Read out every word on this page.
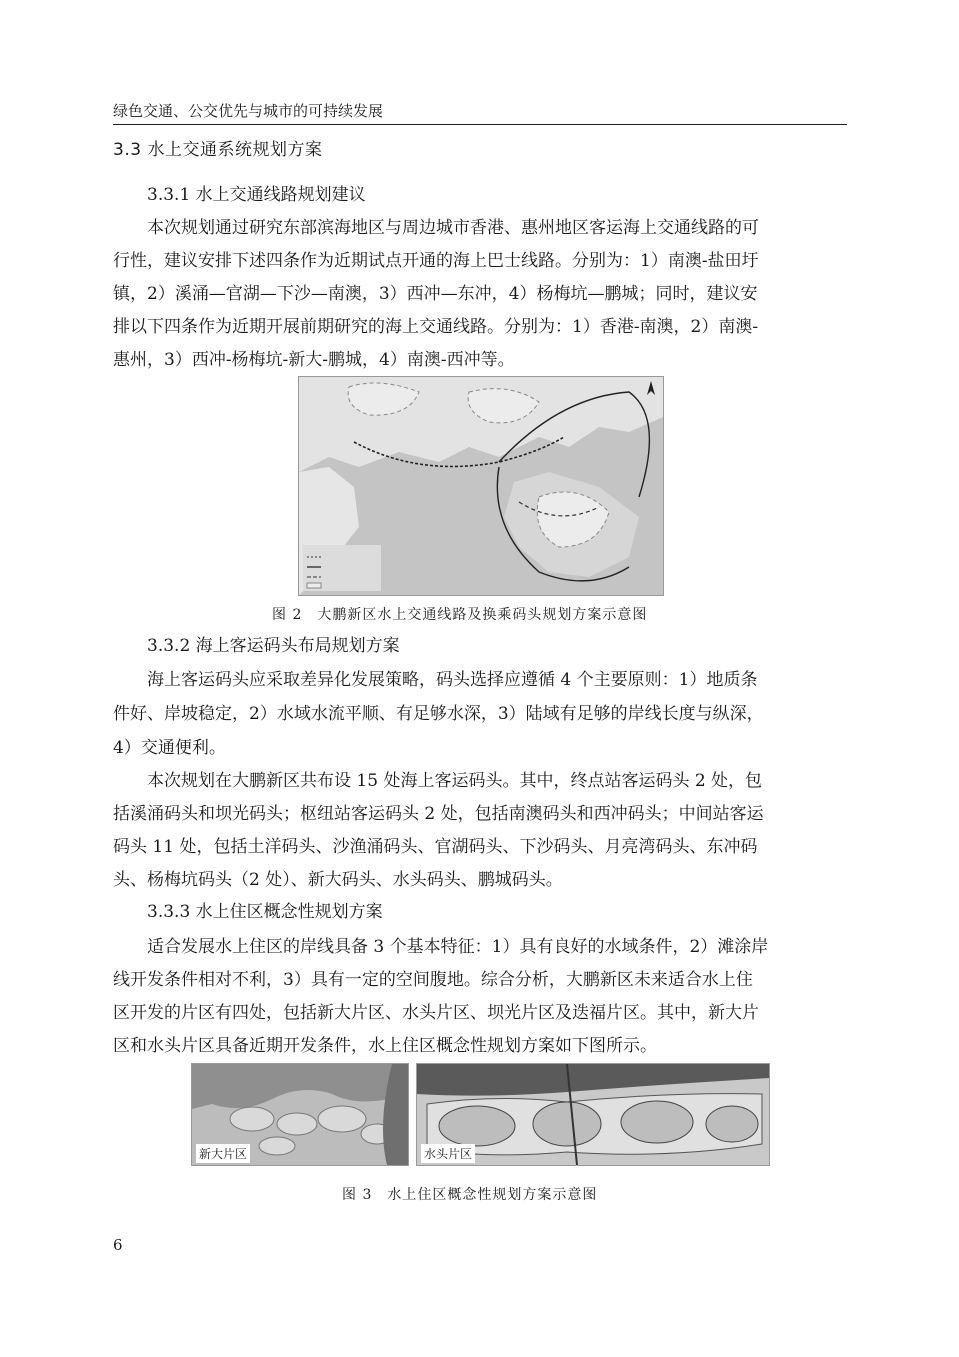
绿色交通、公交优先与城市的可持续发展
3.3 水上交通系统规划方案
3.3.1 水上交通线路规划建议
本次规划通过研究东部滨海地区与周边城市香港、惠州地区客运海上交通线路的可
行性，建议安排下述四条作为近期试点开通的海上巴士线路。分别为：1）南澳-盐田圩
镇，2）溪涌—官湖—下沙—南澳，3）西冲—东冲，4）杨梅坑—鹏城；同时，建议安
排以下四条作为近期开展前期研究的海上交通线路。分别为：1）香港-南澳，2）南澳-
惠州，3）西冲-杨梅坑-新大-鹏城，4）南澳-西冲等。
图 2　大鹏新区水上交通线路及换乘码头规划方案示意图
3.3.2 海上客运码头布局规划方案
海上客运码头应采取差异化发展策略，码头选择应遵循 4 个主要原则：1）地质条
件好、岸坡稳定，2）水域水流平顺、有足够水深，3）陆域有足够的岸线长度与纵深，
4）交通便利。
本次规划在大鹏新区共布设 15 处海上客运码头。其中，终点站客运码头 2 处，包
括溪涌码头和坝光码头；枢纽站客运码头 2 处，包括南澳码头和西冲码头；中间站客运
码头 11 处，包括土洋码头、沙渔涌码头、官湖码头、下沙码头、月亮湾码头、东冲码
头、杨梅坑码头（2 处）、新大码头、水头码头、鹏城码头。
3.3.3 水上住区概念性规划方案
适合发展水上住区的岸线具备 3 个基本特征：1）具有良好的水域条件，2）滩涂岸
线开发条件相对不利，3）具有一定的空间腹地。综合分析，大鹏新区未来适合水上住
区开发的片区有四处，包括新大片区、水头片区、坝光片区及迭福片区。其中，新大片
区和水头片区具备近期开发条件，水上住区概念性规划方案如下图所示。
新大片区	水头片区
图 3　水上住区概念性规划方案示意图
6
